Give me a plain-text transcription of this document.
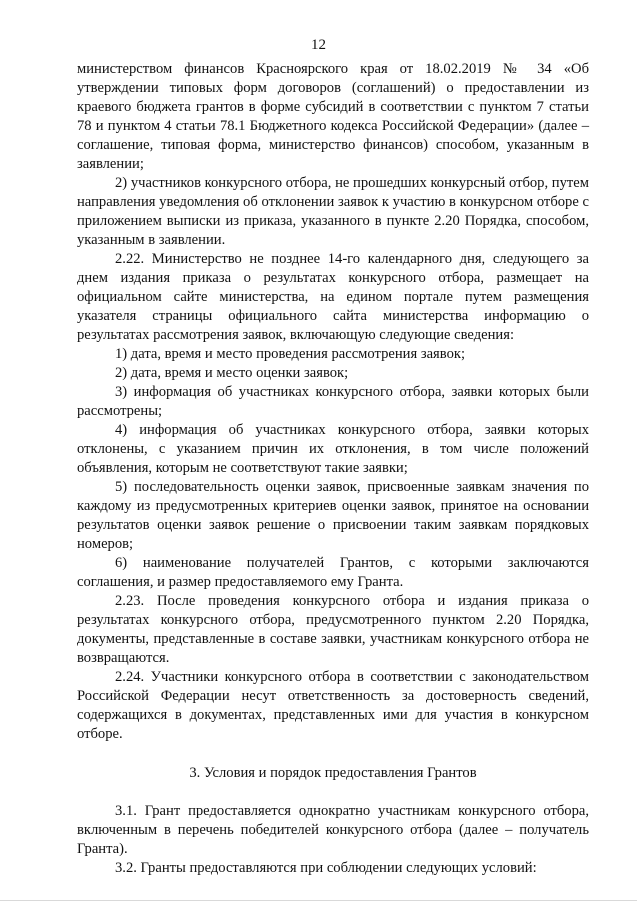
12

министерством финансов Красноярского края от 18.02.2019 № 34 «Об утверждении типовых форм договоров (соглашений) о предоставлении из краевого бюджета грантов в форме субсидий в соответствии с пунктом 7 статьи 78 и пунктом 4 статьи 78.1 Бюджетного кодекса Российской Федерации» (далее – соглашение, типовая форма, министерство финансов) способом, указанным в заявлении;

2) участников конкурсного отбора, не прошедших конкурсный отбор, путем направления уведомления об отклонении заявок к участию в конкурсном отборе с приложением выписки из приказа, указанного в пункте 2.20 Порядка, способом, указанным в заявлении.

2.22. Министерство не позднее 14-го календарного дня, следующего за днем издания приказа о результатах конкурсного отбора, размещает на официальном сайте министерства, на едином портале путем размещения указателя страницы официального сайта министерства информацию о результатах рассмотрения заявок, включающую следующие сведения:

1) дата, время и место проведения рассмотрения заявок;

2) дата, время и место оценки заявок;

3) информация об участниках конкурсного отбора, заявки которых были рассмотрены;

4) информация об участниках конкурсного отбора, заявки которых отклонены, с указанием причин их отклонения, в том числе положений объявления, которым не соответствуют такие заявки;

5) последовательность оценки заявок, присвоенные заявкам значения по каждому из предусмотренных критериев оценки заявок, принятое на основании результатов оценки заявок решение о присвоении таким заявкам порядковых номеров;

6) наименование получателей Грантов, с которыми заключаются соглашения, и размер предоставляемого ему Гранта.

2.23. После проведения конкурсного отбора и издания приказа о результатах конкурсного отбора, предусмотренного пунктом 2.20 Порядка, документы, представленные в составе заявки, участникам конкурсного отбора не возвращаются.

2.24. Участники конкурсного отбора в соответствии с законодательством Российской Федерации несут ответственность за достоверность сведений, содержащихся в документах, представленных ими для участия в конкурсном отборе.

3. Условия и порядок предоставления Грантов

3.1. Грант предоставляется однократно участникам конкурсного отбора, включенным в перечень победителей конкурсного отбора (далее – получатель Гранта).

3.2. Гранты предоставляются при соблюдении следующих условий:
